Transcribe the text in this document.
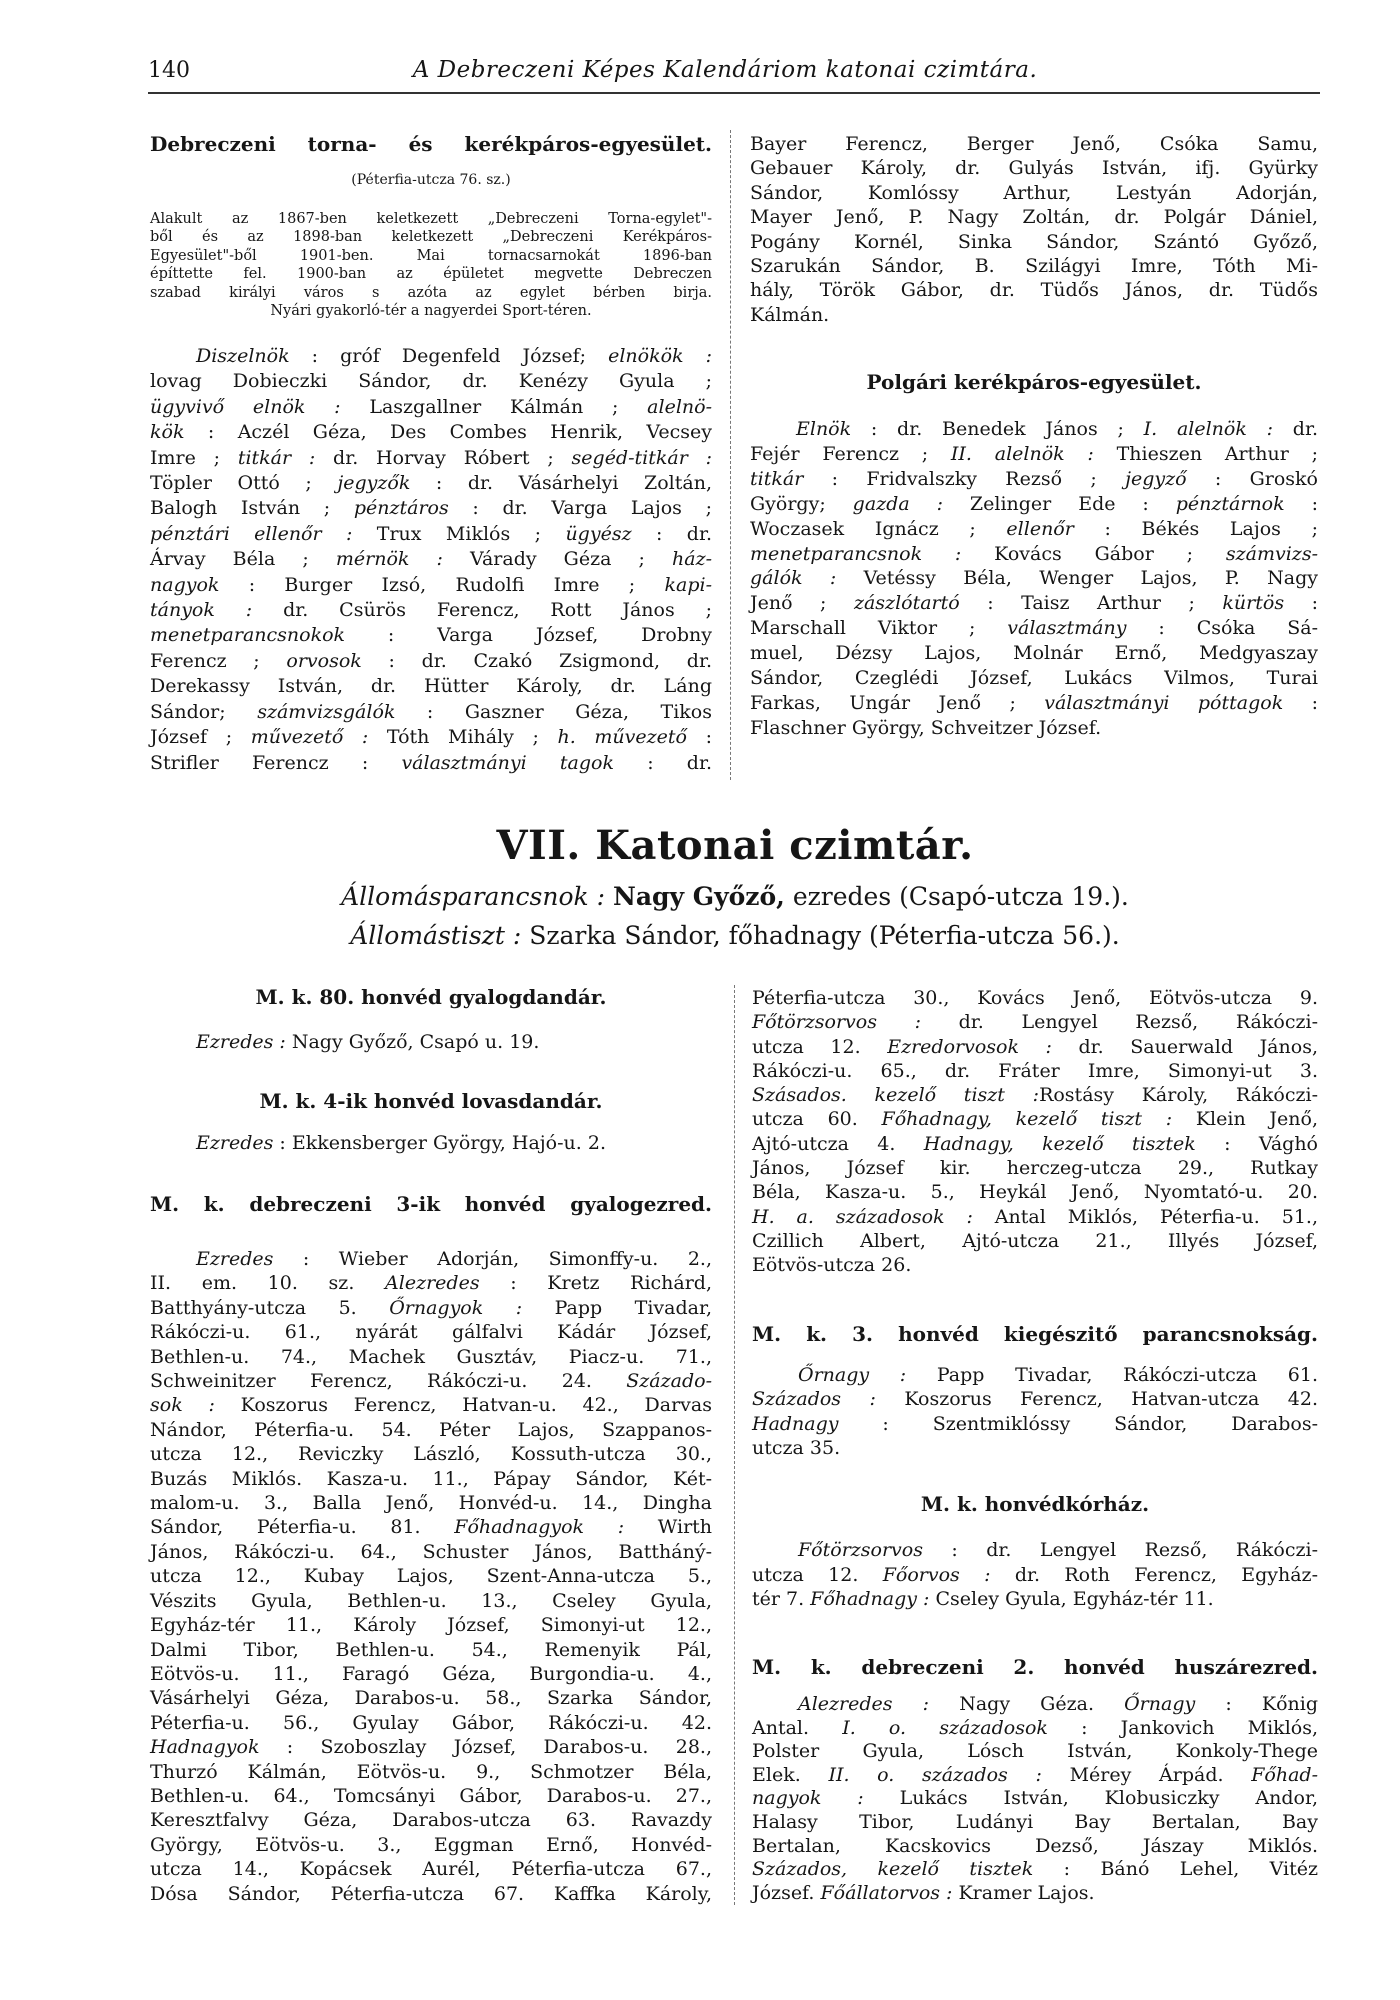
140	A Debreczeni Képes Kalendáriom katonai czimtára.
Debreczeni torna- és kerékpáros-egyesület.
(Péterfia-utcza 76. sz.)
Alakult az 1867-ben keletkezett „Debreczeni Torna-egylet"-
ből és az 1898-ban keletkezett „Debreczeni Kerékpáros-
Egyesület"-ből 1901-ben. Mai tornacsarnokát 1896-ban
építtette fel. 1900-ban az épületet megvette Debreczen
szabad királyi város s azóta az egylet bérben birja.
Nyári gyakorló-tér a nagyerdei Sport-téren.
Diszelnök : gróf Degenfeld József; elnökök :
lovag Dobieczki Sándor, dr. Kenézy Gyula ;
ügyvivő elnök : Laszgallner Kálmán ; alelnö-
kök : Aczél Géza, Des Combes Henrik, Vecsey
Imre ; titkár : dr. Horvay Róbert ; segéd-titkár :
Töpler Ottó ; jegyzők : dr. Vásárhelyi Zoltán,
Balogh István ; pénztáros : dr. Varga Lajos ;
pénztári ellenőr : Trux Miklós ; ügyész : dr.
Árvay Béla ; mérnök : Várady Géza ; ház-
nagyok : Burger Izsó, Rudolfi Imre ; kapi-
tányok : dr. Csürös Ferencz, Rott János ;
menetparancsnokok : Varga József, Drobny
Ferencz ; orvosok : dr. Czakó Zsigmond, dr.
Derekassy István, dr. Hütter Károly, dr. Láng
Sándor; számvizsgálók : Gaszner Géza, Tikos
József ; művezető : Tóth Mihály ; h. művezető :
Strifler Ferencz : választmányi tagok : dr.
Bayer Ferencz, Berger Jenő, Csóka Samu,
Gebauer Károly, dr. Gulyás István, ifj. Gyürky
Sándor, Komlóssy Arthur, Lestyán Adorján,
Mayer Jenő, P. Nagy Zoltán, dr. Polgár Dániel,
Pogány Kornél, Sinka Sándor, Szántó Győző,
Szarukán Sándor, B. Szilágyi Imre, Tóth Mi-
hály, Török Gábor, dr. Tüdős János, dr. Tüdős
Kálmán.
Polgári kerékpáros-egyesület.
Elnök : dr. Benedek János ; I. alelnök : dr.
Fejér Ferencz ; II. alelnök : Thieszen Arthur ;
titkár : Fridvalszky Rezső ; jegyző : Groskó
György; gazda : Zelinger Ede : pénztárnok :
Woczasek Ignácz ; ellenőr : Békés Lajos ;
menetparancsnok : Kovács Gábor ; számvizs-
gálók : Vetéssy Béla, Wenger Lajos, P. Nagy
Jenő ; zászlótartó : Taisz Arthur ; kürtös :
Marschall Viktor ; választmány : Csóka Sá-
muel, Dézsy Lajos, Molnár Ernő, Medgyaszay
Sándor, Czeglédi József, Lukács Vilmos, Turai
Farkas, Ungár Jenő ; választmányi póttagok :
Flaschner György, Schveitzer József.
VII. Katonai czimtár.
Állomásparancsnok : Nagy Győző, ezredes (Csapó-utcza 19.).
Állomástiszt : Szarka Sándor, főhadnagy (Péterfia-utcza 56.).
M. k. 80. honvéd gyalogdandár.
Ezredes : Nagy Győző, Csapó u. 19.
M. k. 4-ik honvéd lovasdandár.
Ezredes : Ekkensberger György, Hajó-u. 2.
M. k. debreczeni 3-ik honvéd gyalogezred.
Ezredes : Wieber Adorján, Simonffy-u. 2.,
II. em. 10. sz. Alezredes : Kretz Richárd,
Batthyány-utcza 5. Őrnagyok : Papp Tivadar,
Rákóczi-u. 61., nyárát gálfalvi Kádár József,
Bethlen-u. 74., Machek Gusztáv, Piacz-u. 71.,
Schweinitzer Ferencz, Rákóczi-u. 24. Százado-
sok : Koszorus Ferencz, Hatvan-u. 42., Darvas
Nándor, Péterfia-u. 54. Péter Lajos, Szappanos-
utcza 12., Reviczky László, Kossuth-utcza 30.,
Buzás Miklós. Kasza-u. 11., Pápay Sándor, Két-
malom-u. 3., Balla Jenő, Honvéd-u. 14., Dingha
Sándor, Péterfia-u. 81. Főhadnagyok : Wirth
János, Rákóczi-u. 64., Schuster János, Battháný-
utcza 12., Kubay Lajos, Szent-Anna-utcza 5.,
Vészits Gyula, Bethlen-u. 13., Cseley Gyula,
Egyház-tér 11., Károly József, Simonyi-ut 12.,
Dalmi Tibor, Bethlen-u. 54., Remenyik Pál,
Eötvös-u. 11., Faragó Géza, Burgondia-u. 4.,
Vásárhelyi Géza, Darabos-u. 58., Szarka Sándor,
Péterfia-u. 56., Gyulay Gábor, Rákóczi-u. 42.
Hadnagyok : Szoboszlay József, Darabos-u. 28.,
Thurzó Kálmán, Eötvös-u. 9., Schmotzer Béla,
Bethlen-u. 64., Tomcsányi Gábor, Darabos-u. 27.,
Keresztfalvy Géza, Darabos-utcza 63. Ravazdy
György, Eötvös-u. 3., Eggman Ernő, Honvéd-
utcza 14., Kopácsek Aurél, Péterfia-utcza 67.,
Dósa Sándor, Péterfia-utcza 67. Kaffka Károly,
Péterfia-utcza 30., Kovács Jenő, Eötvös-utcza 9.
Főtörzsorvos : dr. Lengyel Rezső, Rákóczi-
utcza 12. Ezredorvosok : dr. Sauerwald János,
Rákóczi-u. 65., dr. Fráter Imre, Simonyi-ut 3.
Szásados. kezelő tiszt :Rostásy Károly, Rákóczi-
utcza 60. Főhadnagy, kezelő tiszt : Klein Jenő,
Ajtó-utcza 4. Hadnagy, kezelő tisztek : Vághó
János, József kir. herczeg-utcza 29., Rutkay
Béla, Kasza-u. 5., Heykál Jenő, Nyomtató-u. 20.
H. a. századosok : Antal Miklós, Péterfia-u. 51.,
Czillich Albert, Ajtó-utcza 21., Illyés József,
Eötvös-utcza 26.
M. k. 3. honvéd kiegészitő parancsnokság.
Őrnagy : Papp Tivadar, Rákóczi-utcza 61.
Százados : Koszorus Ferencz, Hatvan-utcza 42.
Hadnagy : Szentmiklóssy Sándor, Darabos-
utcza 35.
M. k. honvédkórház.
Főtörzsorvos : dr. Lengyel Rezső, Rákóczi-
utcza 12. Főorvos : dr. Roth Ferencz, Egyház-
tér 7. Főhadnagy : Cseley Gyula, Egyház-tér 11.
M. k. debreczeni 2. honvéd huszárezred.
Alezredes : Nagy Géza. Őrnagy : Kőnig
Antal. I. o. századosok : Jankovich Miklós,
Polster Gyula, Lósch István, Konkoly-Thege
Elek. II. o. százados : Mérey Árpád. Főhad-
nagyok : Lukács István, Klobusiczky Andor,
Halasy Tibor, Ludányi Bay Bertalan, Bay
Bertalan, Kacskovics Dezső, Jászay Miklós.
Százados, kezelő tisztek : Bánó Lehel, Vitéz
József. Főállatorvos : Kramer Lajos.
